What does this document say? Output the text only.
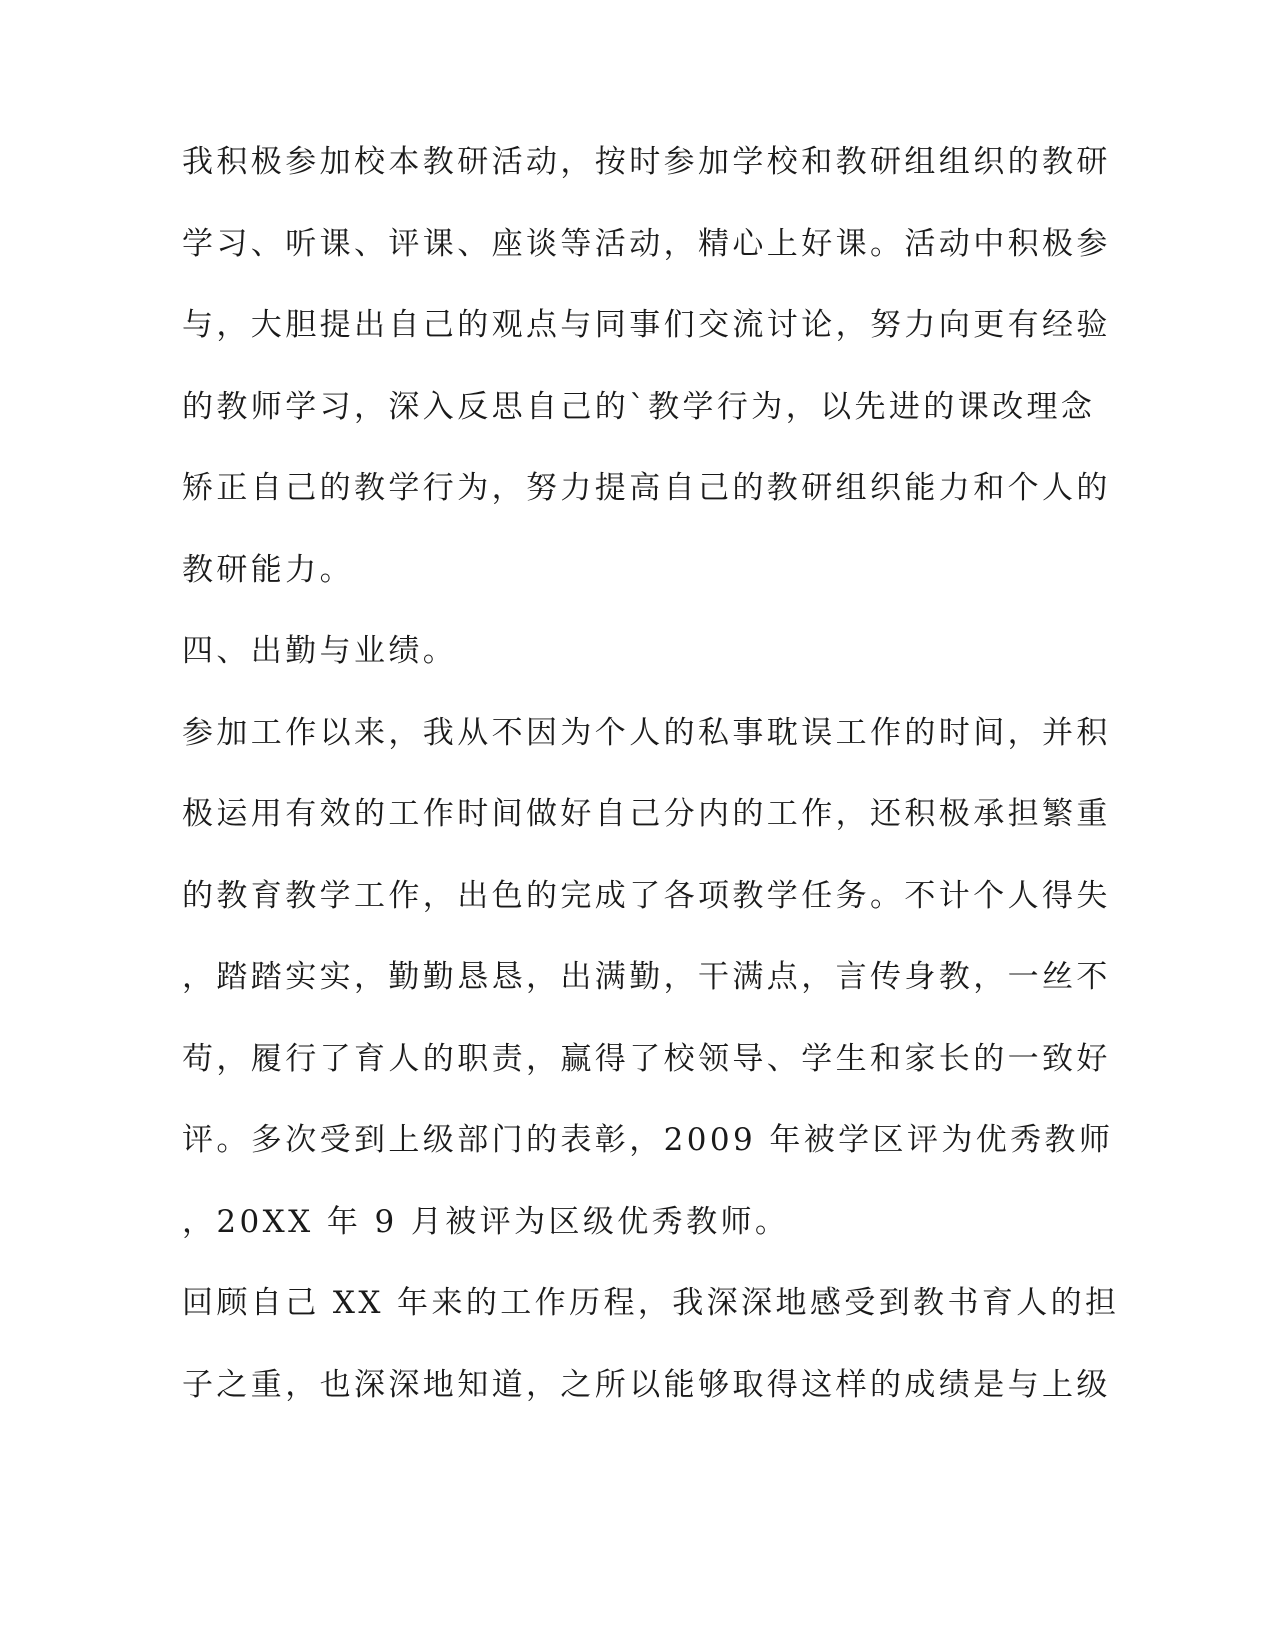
我积极参加校本教研活动，按时参加学校和教研组组织的教研
学习、听课、评课、座谈等活动，精心上好课。活动中积极参
与，大胆提出自己的观点与同事们交流讨论，努力向更有经验
的教师学习，深入反思自己的`教学行为，以先进的课改理念
矫正自己的教学行为，努力提高自己的教研组织能力和个人的
教研能力。
四、出勤与业绩。
参加工作以来，我从不因为个人的私事耽误工作的时间，并积
极运用有效的工作时间做好自己分内的工作，还积极承担繁重
的教育教学工作，出色的完成了各项教学任务。不计个人得失
，踏踏实实，勤勤恳恳，出满勤，干满点，言传身教，一丝不
苟，履行了育人的职责，赢得了校领导、学生和家长的一致好
评。多次受到上级部门的表彰，2009 年被学区评为优秀教师
，20XX 年 9 月被评为区级优秀教师。
回顾自己 XX 年来的工作历程，我深深地感受到教书育人的担
子之重，也深深地知道，之所以能够取得这样的成绩是与上级
